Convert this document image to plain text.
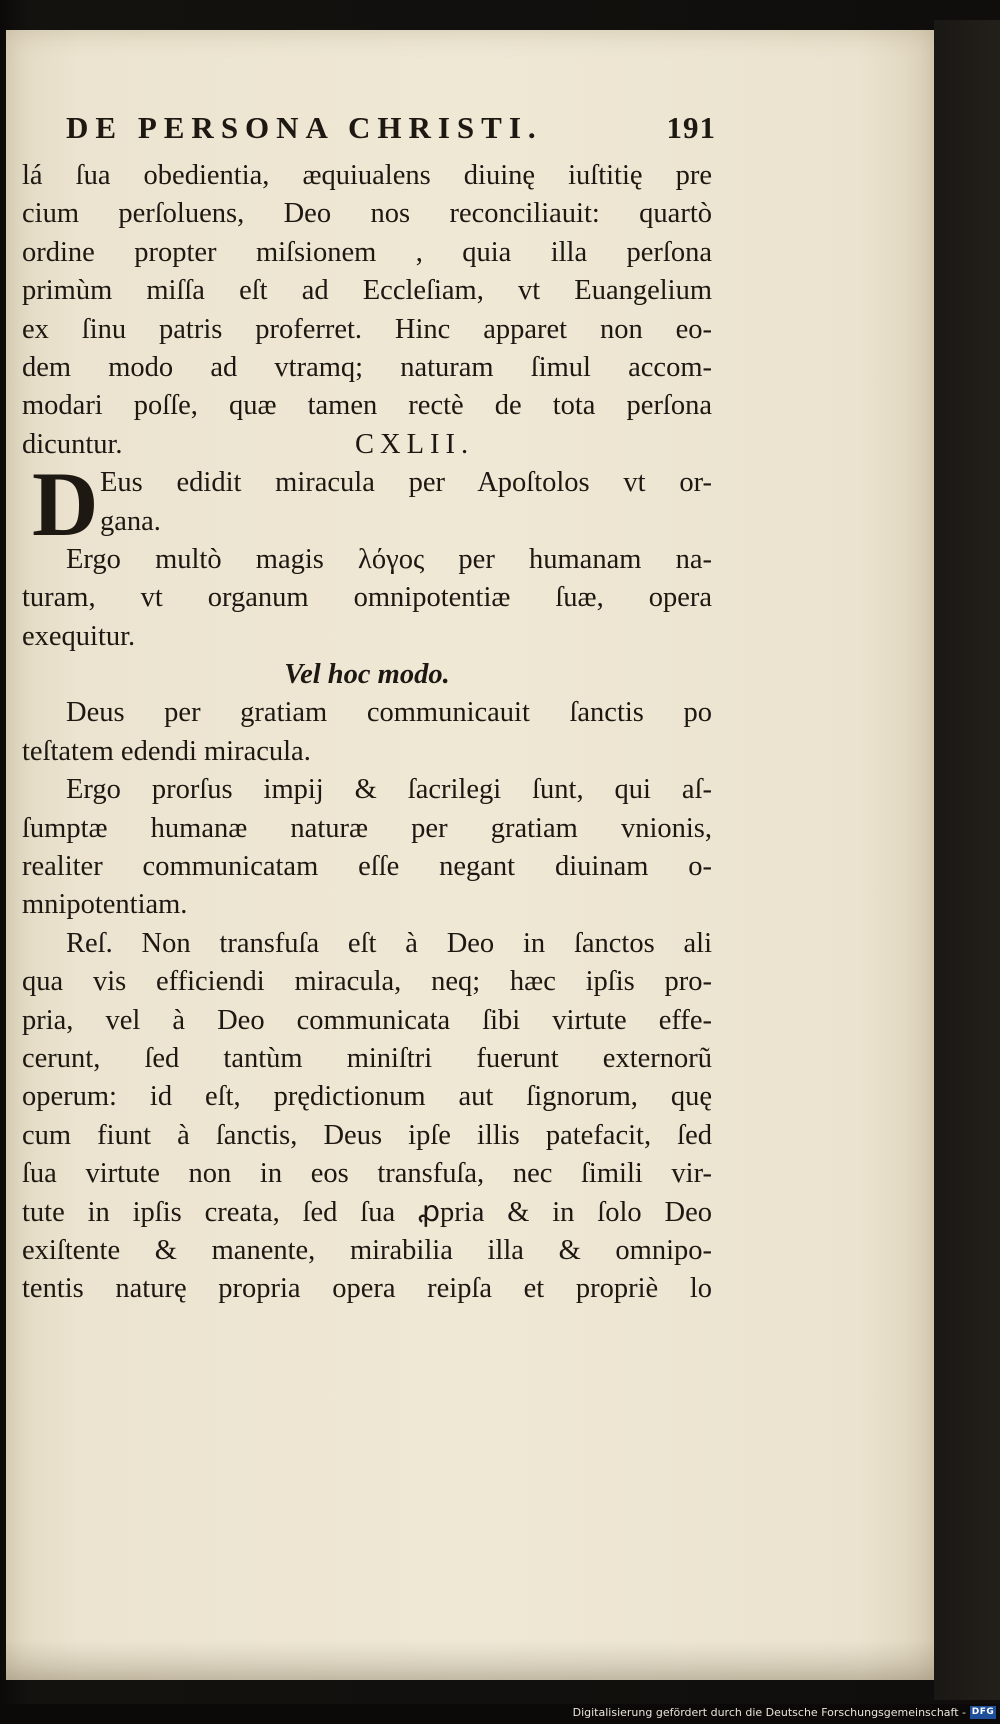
DE PERSONA CHRISTI.	191
lá ſua obedientia, æquiualens diuinę iuſtitię pre
cium perſoluens, Deo nos reconciliauit: quartò
ordine propter miſsionem , quia illa perſona
primùm miſſa eſt ad Eccleſiam, vt Euangelium
ex ſinu patris proferret. Hinc apparet non eo-
dem modo ad vtramq; naturam ſimul accom-
modari poſſe, quæ tamen rectè de tota perſona
dicuntur.	CXLII.
D Eus edidit miracula per Apoſtolos vt or-
gana.
Ergo multò magis λόγος per humanam na-
turam, vt organum omnipotentiæ ſuæ, opera
exequitur.
Vel hoc modo.
Deus per gratiam communicauit ſanctis po
teſtatem edendi miracula.
Ergo prorſus impij & ſacrilegi ſunt, qui aſ-
ſumptæ humanæ naturæ per gratiam vnionis,
realiter communicatam eſſe negant diuinam o-
mnipotentiam.
Reſ. Non transfuſa eſt à Deo in ſanctos ali
qua vis efficiendi miracula, neq; hæc ipſis pro-
pria, vel à Deo communicata ſibi virtute effe-
cerunt, ſed tantùm miniſtri fuerunt externorũ
operum: id eſt, prędictionum aut ſignorum, quę
cum fiunt à ſanctis, Deus ipſe illis patefacit, ſed
ſua virtute non in eos transfuſa, nec ſimili vir-
tute in ipſis creata, ſed ſua ꝓpria & in ſolo Deo
exiſtente & manente, mirabilia illa & omnipo-
tentis naturę propria opera reipſa et propriè lo
Digitalisierung gefördert durch die Deutsche Forschungsgemeinschaft - DFG
